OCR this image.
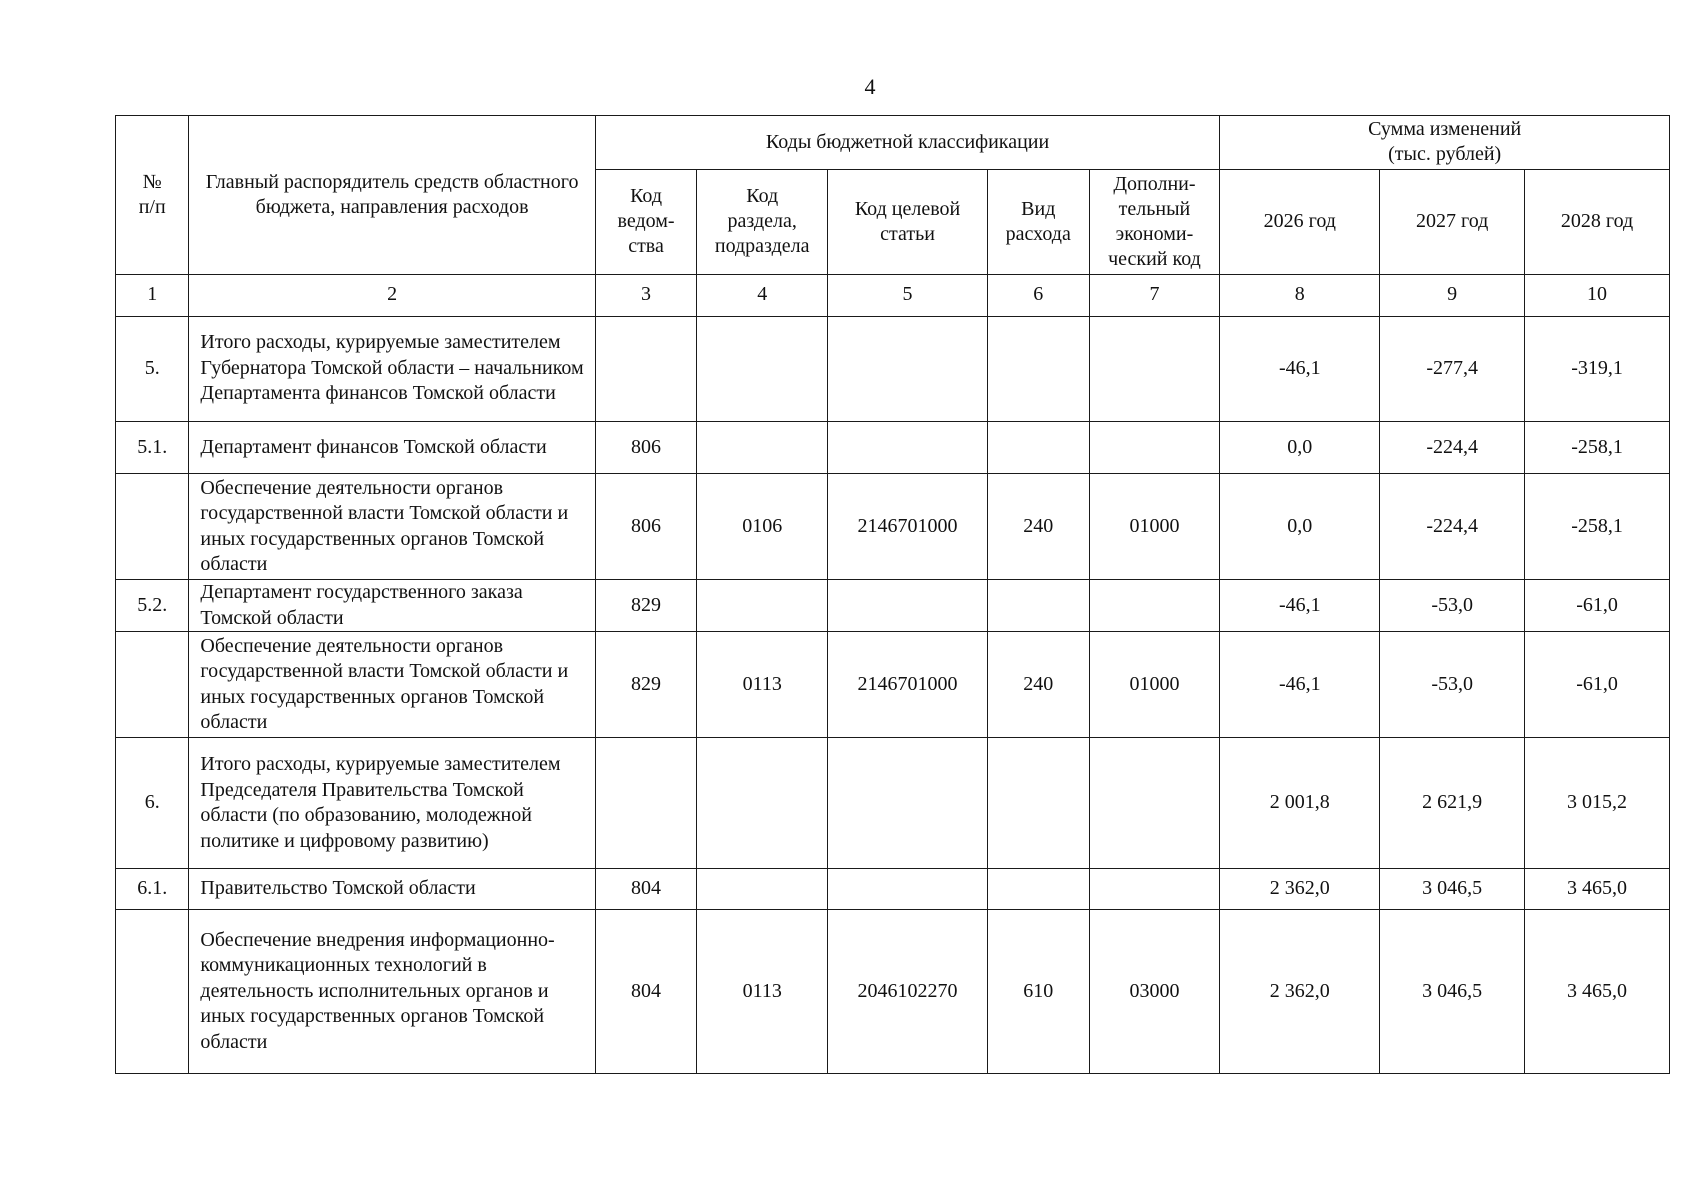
4
№
п/п	Главный распорядитель средств областного бюджета, направления расходов	Коды бюджетной классификации					Сумма изменений
(тыс. рублей)		
		Код
ведом-
ства	Код
раздела,
подраздела	Код целевой
статьи	Вид
расхода	Дополни-
тельный
экономи-
ческий код	2026 год	2027 год	2028 год
1	2	3	4	5	6	7	8	9	10
5.	Итого расходы, курируемые заместителем Губернатора Томской области – начальником Департамента финансов Томской области						-46,1	-277,4	-319,1
5.1.	Департамент финансов Томской области	806					0,0	-224,4	-258,1
	Обеспечение деятельности органов государственной власти Томской области и иных государственных органов Томской области	806	0106	2146701000	240	01000	0,0	-224,4	-258,1
5.2.	Департамент государственного заказа Томской области	829					-46,1	-53,0	-61,0
	Обеспечение деятельности органов государственной власти Томской области и иных государственных органов Томской области	829	0113	2146701000	240	01000	-46,1	-53,0	-61,0
6.	Итого расходы, курируемые заместителем Председателя Правительства Томской области (по образованию, молодежной политике и цифровому развитию)						2 001,8	2 621,9	3 015,2
6.1.	Правительство Томской области	804					2 362,0	3 046,5	3 465,0
	Обеспечение внедрения информационно-коммуникационных технологий в деятельность исполнительных органов и иных государственных органов Томской области	804	0113	2046102270	610	03000	2 362,0	3 046,5	3 465,0
